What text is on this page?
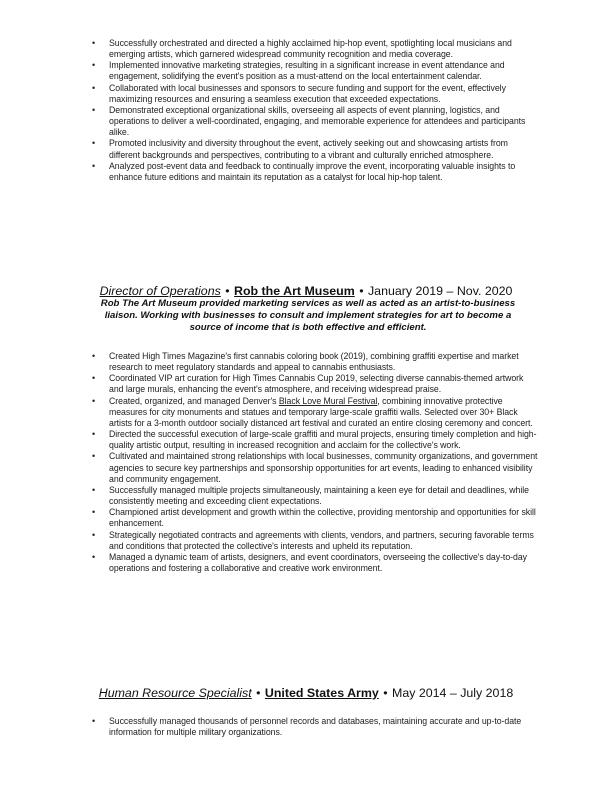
• Successfully orchestrated and directed a highly acclaimed hip-hop event, spotlighting local musicians and emerging artists, which garnered widespread community recognition and media coverage.
• Implemented innovative marketing strategies, resulting in a significant increase in event attendance and engagement, solidifying the event's position as a must-attend on the local entertainment calendar.
• Collaborated with local businesses and sponsors to secure funding and support for the event, effectively maximizing resources and ensuring a seamless execution that exceeded expectations.
• Demonstrated exceptional organizational skills, overseeing all aspects of event planning, logistics, and operations to deliver a well-coordinated, engaging, and memorable experience for attendees and participants alike.
• Promoted inclusivity and diversity throughout the event, actively seeking out and showcasing artists from different backgrounds and perspectives, contributing to a vibrant and culturally enriched atmosphere.
• Analyzed post-event data and feedback to continually improve the event, incorporating valuable insights to enhance future editions and maintain its reputation as a catalyst for local hip-hop talent.
Director of Operations • Rob the Art Museum • January 2019 – Nov. 2020
Rob The Art Museum provided marketing services as well as acted as an artist-to-business liaison. Working with businesses to consult and implement strategies for art to become a source of income that is both effective and efficient.
• Created High Times Magazine's first cannabis coloring book (2019), combining graffiti expertise and market research to meet regulatory standards and appeal to cannabis enthusiasts.
• Coordinated VIP art curation for High Times Cannabis Cup 2019, selecting diverse cannabis-themed artwork and large murals, enhancing the event's atmosphere, and receiving widespread praise.
• Created, organized, and managed Denver's Black Love Mural Festival, combining innovative protective measures for city monuments and statues and temporary large-scale graffiti walls. Selected over 30+ Black artists for a 3-month outdoor socially distanced art festival and curated an entire closing ceremony and concert.
• Directed the successful execution of large-scale graffiti and mural projects, ensuring timely completion and high-quality artistic output, resulting in increased recognition and acclaim for the collective's work.
• Cultivated and maintained strong relationships with local businesses, community organizations, and government agencies to secure key partnerships and sponsorship opportunities for art events, leading to enhanced visibility and community engagement.
• Successfully managed multiple projects simultaneously, maintaining a keen eye for detail and deadlines, while consistently meeting and exceeding client expectations.
• Championed artist development and growth within the collective, providing mentorship and opportunities for skill enhancement.
• Strategically negotiated contracts and agreements with clients, vendors, and partners, securing favorable terms and conditions that protected the collective's interests and upheld its reputation.
• Managed a dynamic team of artists, designers, and event coordinators, overseeing the collective's day-to-day operations and fostering a collaborative and creative work environment.
Human Resource Specialist • United States Army • May 2014 – July 2018
• Successfully managed thousands of personnel records and databases, maintaining accurate and up-to-date information for multiple military organizations.
